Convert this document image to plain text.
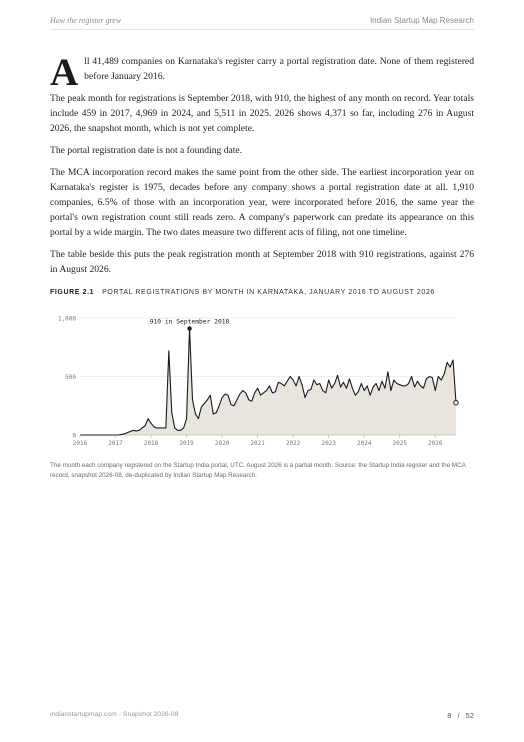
How the register grew	Indian Startup Map Research

All 41,489 companies on Karnataka's register carry a portal registration date. None of them registered before January 2016.

The peak month for registrations is September 2018, with 910, the highest of any month on record. Year totals include 459 in 2017, 4,969 in 2024, and 5,511 in 2025. 2026 shows 4,371 so far, including 276 in August 2026, the snapshot month, which is not yet complete.

The portal registration date is not a founding date.

The MCA incorporation record makes the same point from the other side. The earliest incorporation year on Karnataka's register is 1975, decades before any company shows a portal registration date at all. 1,910 companies, 6.5% of those with an incorporation year, were incorporated before 2016, the same year the portal's own registration count still reads zero. A company's paperwork can predate its appearance on this portal by a wide margin. The two dates measure two different acts of filing, not one timeline.

The table beside this puts the peak registration month at September 2018 with 910 registrations, against 276 in August 2026.

FIGURE 2.1 · PORTAL REGISTRATIONS BY MONTH IN KARNATAKA, JANUARY 2016 TO AUGUST 2026
0
500
1,000
2016	2017	2018	2019	2020	2021	2022	2023	2024	2025	2026
910 in September 2018
The month each company registered on the Startup India portal, UTC. August 2026 is a partial month. Source: the Startup India register and the MCA record, snapshot 2026-08, de-duplicated by Indian Startup Map Research.
indianstartupmap.com · Snapshot 2026-08	8 / 52
